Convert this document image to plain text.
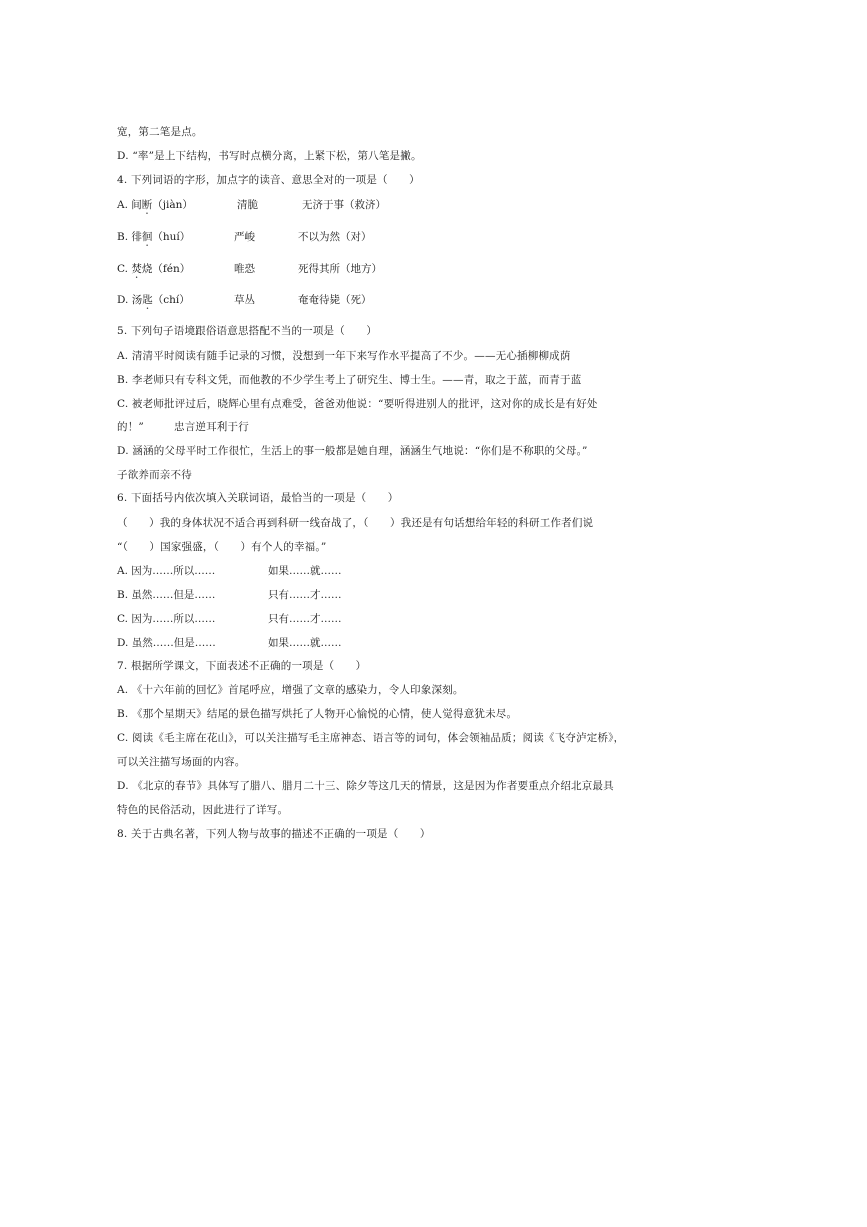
宽，第二笔是点。
D. “率”是上下结构，书写时点横分离，上紧下松，第八笔是撇。
4. 下列词语的字形，加点字的读音、意思全对的一项是（　　）
A. 间断（jiàn）	清脆	无济于事（救济）
B. 徘徊（huí）	严峻	不以为然（对）
C. 焚烧（fén）	唯恐	死得其所（地方）
D. 汤匙（chí）	草丛	奄奄待毙（死）
5. 下列句子语境跟俗语意思搭配不当的一项是（　　）
A. 清清平时阅读有随手记录的习惯，没想到一年下来写作水平提高了不少。——无心插柳柳成荫
B. 李老师只有专科文凭，而他教的不少学生考上了研究生、博士生。——青，取之于蓝，而青于蓝
C. 被老师批评过后，晓辉心里有点难受，爸爸劝他说：“要听得进别人的批评，这对你的成长是有好处
的！”	忠言逆耳利于行
D. 涵涵的父母平时工作很忙，生活上的事一般都是她自理，涵涵生气地说：“你们是不称职的父母。”
子欲养而亲不待
6. 下面括号内依次填入关联词语，最恰当的一项是（　　）
（　　）我的身体状况不适合再到科研一线奋战了，（　　）我还是有句话想给年轻的科研工作者们说
“（　　）国家强盛，（　　）有个人的幸福。”
A. 因为……所以……	如果……就……
B. 虽然……但是……	只有……才……
C. 因为……所以……	只有……才……
D. 虽然……但是……	如果……就……
7. 根据所学课文，下面表述不正确的一项是（　　）
A. 《十六年前的回忆》首尾呼应，增强了文章的感染力，令人印象深刻。
B. 《那个星期天》结尾的景色描写烘托了人物开心愉悦的心情，使人觉得意犹未尽。
C. 阅读《毛主席在花山》，可以关注描写毛主席神态、语言等的词句，体会领袖品质；阅读《飞夺泸定桥》，
可以关注描写场面的内容。
D. 《北京的春节》具体写了腊八、腊月二十三、除夕等这几天的情景，这是因为作者要重点介绍北京最具
特色的民俗活动，因此进行了详写。
8. 关于古典名著，下列人物与故事的描述不正确的一项是（　　）
